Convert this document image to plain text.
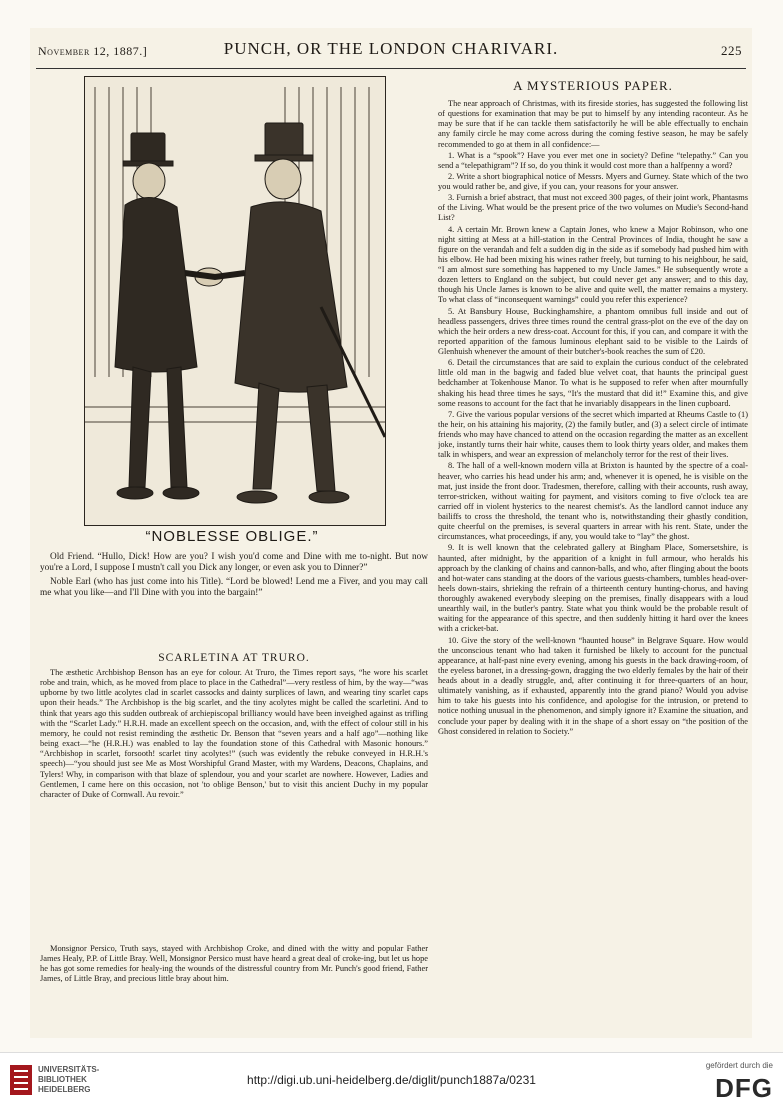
November 12, 1887.]	PUNCH, OR THE LONDON CHARIVARI.	225
“NOBLESSE OBLIGE.”

Old Friend. “Hullo, Dick! How are you? I wish you'd come and Dine with me to-night. But now you're a Lord, I suppose I mustn't call you Dick any longer, or even ask you to Dinner?”

Noble Earl (who has just come into his Title). “Lord be blowed! Lend me a Fiver, and you may call me what you like—and I'll Dine with you into the bargain!”

SCARLETINA AT TRURO.

The æsthetic Archbishop Benson has an eye for colour. At Truro, the Times report says, “he wore his scarlet robe and train, which, as he moved from place to place in the Cathedral”—very restless of him, by the way—“was upborne by two little acolytes clad in scarlet cassocks and dainty surplices of lawn, and wearing tiny scarlet caps upon their heads.” The Archbishop is the big scarlet, and the tiny acolytes might be called the scarletini. And to think that years ago this sudden outbreak of archiepiscopal brilliancy would have been inveighed against as trifling with the “Scarlet Lady.” H.R.H. made an excellent speech on the occasion, and, with the effect of colour still in his memory, he could not resist reminding the æsthetic Dr. Benson that “seven years and a half ago”—nothing like being exact—“he (H.R.H.) was enabled to lay the foundation stone of this Cathedral with Masonic honours.” “Archbishop in scarlet, forsooth! scarlet tiny acolytes!” (such was evidently the rebuke conveyed in H.R.H.'s speech)—“you should just see Me as Most Worshipful Grand Master, with my Wardens, Deacons, Chaplains, and Tylers! Why, in comparison with that blaze of splendour, you and your scarlet are nowhere. However, Ladies and Gentlemen, I came here on this occasion, not 'to oblige Benson,' but to visit this ancient Duchy in my popular character of Duke of Cornwall. Au revoir.”

Monsignor Persico, Truth says, stayed with Archbishop Croke, and dined with the witty and popular Father James Healy, P.P. of Little Bray. Well, Monsignor Persico must have heard a great deal of croke-ing, but let us hope he has got some remedies for healy-ing the wounds of the distressful country from Mr. Punch's good friend, Father James, of Little Bray, and precious little bray about him.

A MYSTERIOUS PAPER.

The near approach of Christmas, with its fireside stories, has suggested the following list of questions for examination that may be put to himself by any intending raconteur. As he may be sure that if he can tackle them satisfactorily he will be able effectually to enchain any family circle he may come across during the coming festive season, he may be safely recommended to go at them in all confidence:—

1. What is a “spook”? Have you ever met one in society? Define “telepathy.” Can you send a “telepathigram”? If so, do you think it would cost more than a halfpenny a word?

2. Write a short biographical notice of Messrs. Myers and Gurney. State which of the two you would rather be, and give, if you can, your reasons for your answer.

3. Furnish a brief abstract, that must not exceed 300 pages, of their joint work, Phantasms of the Living. What would be the present price of the two volumes on Mudie's Second-hand List?

4. A certain Mr. Brown knew a Captain Jones, who knew a Major Robinson, who one night sitting at Mess at a hill-station in the Central Provinces of India, thought he saw a figure on the verandah and felt a sudden dig in the side as if somebody had pushed him with his elbow. He had been mixing his wines rather freely, but turning to his neighbour, he said, “I am almost sure something has happened to my Uncle James.” He subsequently wrote a dozen letters to England on the subject, but could never get any answer; and to this day, though his Uncle James is known to be alive and quite well, the matter remains a mystery. To what class of “inconsequent warnings” could you refer this experience?

5. At Bansbury House, Buckinghamshire, a phantom omnibus full inside and out of headless passengers, drives three times round the central grass-plot on the eve of the day on which the heir orders a new dress-coat. Account for this, if you can, and compare it with the reported apparition of the famous luminous elephant said to be visible to the Lairds of Glenhuish whenever the amount of their butcher's-book reaches the sum of £20.

6. Detail the circumstances that are said to explain the curious conduct of the celebrated little old man in the bagwig and faded blue velvet coat, that haunts the principal guest bedchamber at Tokenhouse Manor. To what is he supposed to refer when after mournfully shaking his head three times he says, “It's the mustard that did it!” Examine this, and give some reasons to account for the fact that he invariably disappears in the linen cupboard.

7. Give the various popular versions of the secret which imparted at Rheums Castle to (1) the heir, on his attaining his majority, (2) the family butler, and (3) a select circle of intimate friends who may have chanced to attend on the occasion regarding the matter as an excellent joke, instantly turns their hair white, causes them to look thirty years older, and makes them talk in whispers, and wear an expression of melancholy terror for the rest of their lives.

8. The hall of a well-known modern villa at Brixton is haunted by the spectre of a coal-heaver, who carries his head under his arm; and, whenever it is opened, he is visible on the mat, just inside the front door. Tradesmen, therefore, calling with their accounts, rush away, terror-stricken, without waiting for payment, and visitors coming to five o'clock tea are carried off in violent hysterics to the nearest chemist's. As the landlord cannot induce any bailiffs to cross the threshold, the tenant who is, notwithstanding their ghastly condition, quite cheerful on the premises, is several quarters in arrear with his rent. State, under the circumstances, what proceedings, if any, you would take to “lay” the ghost.

9. It is well known that the celebrated gallery at Bingham Place, Somersetshire, is haunted, after midnight, by the apparition of a knight in full armour, who heralds his approach by the clanking of chains and cannon-balls, and who, after flinging about the boots and hot-water cans standing at the doors of the various guests-chambers, tumbles head-over-heels down-stairs, shrieking the refrain of a thirteenth century hunting-chorus, and having thoroughly awakened everybody sleeping on the premises, finally disappears with a loud unearthly wail, in the butler's pantry. State what you think would be the probable result of waiting for the appearance of this spectre, and then suddenly hitting it hard over the knees with a cricket-bat.

10. Give the story of the well-known “haunted house” in Belgrave Square. How would the unconscious tenant who had taken it furnished be likely to account for the punctual appearance, at half-past nine every evening, among his guests in the back drawing-room, of the eyeless baronet, in a dressing-gown, dragging the two elderly females by the hair of their heads about in a deadly struggle, and, after continuing it for three-quarters of an hour, ultimately vanishing, as if exhausted, apparently into the grand piano? Would you advise him to take his guests into his confidence, and apologise for the intrusion, or pretend to notice nothing unusual in the phenomenon, and simply ignore it? Examine the situation, and conclude your paper by dealing with it in the shape of a short essay on “the position of the Ghost considered in relation to Society.”

UNIVERSITÄTS-
BIBLIOTHEK
HEIDELBERG
http://digi.ub.uni-heidelberg.de/diglit/punch1887a/0231
gefördert durch die
DFG
